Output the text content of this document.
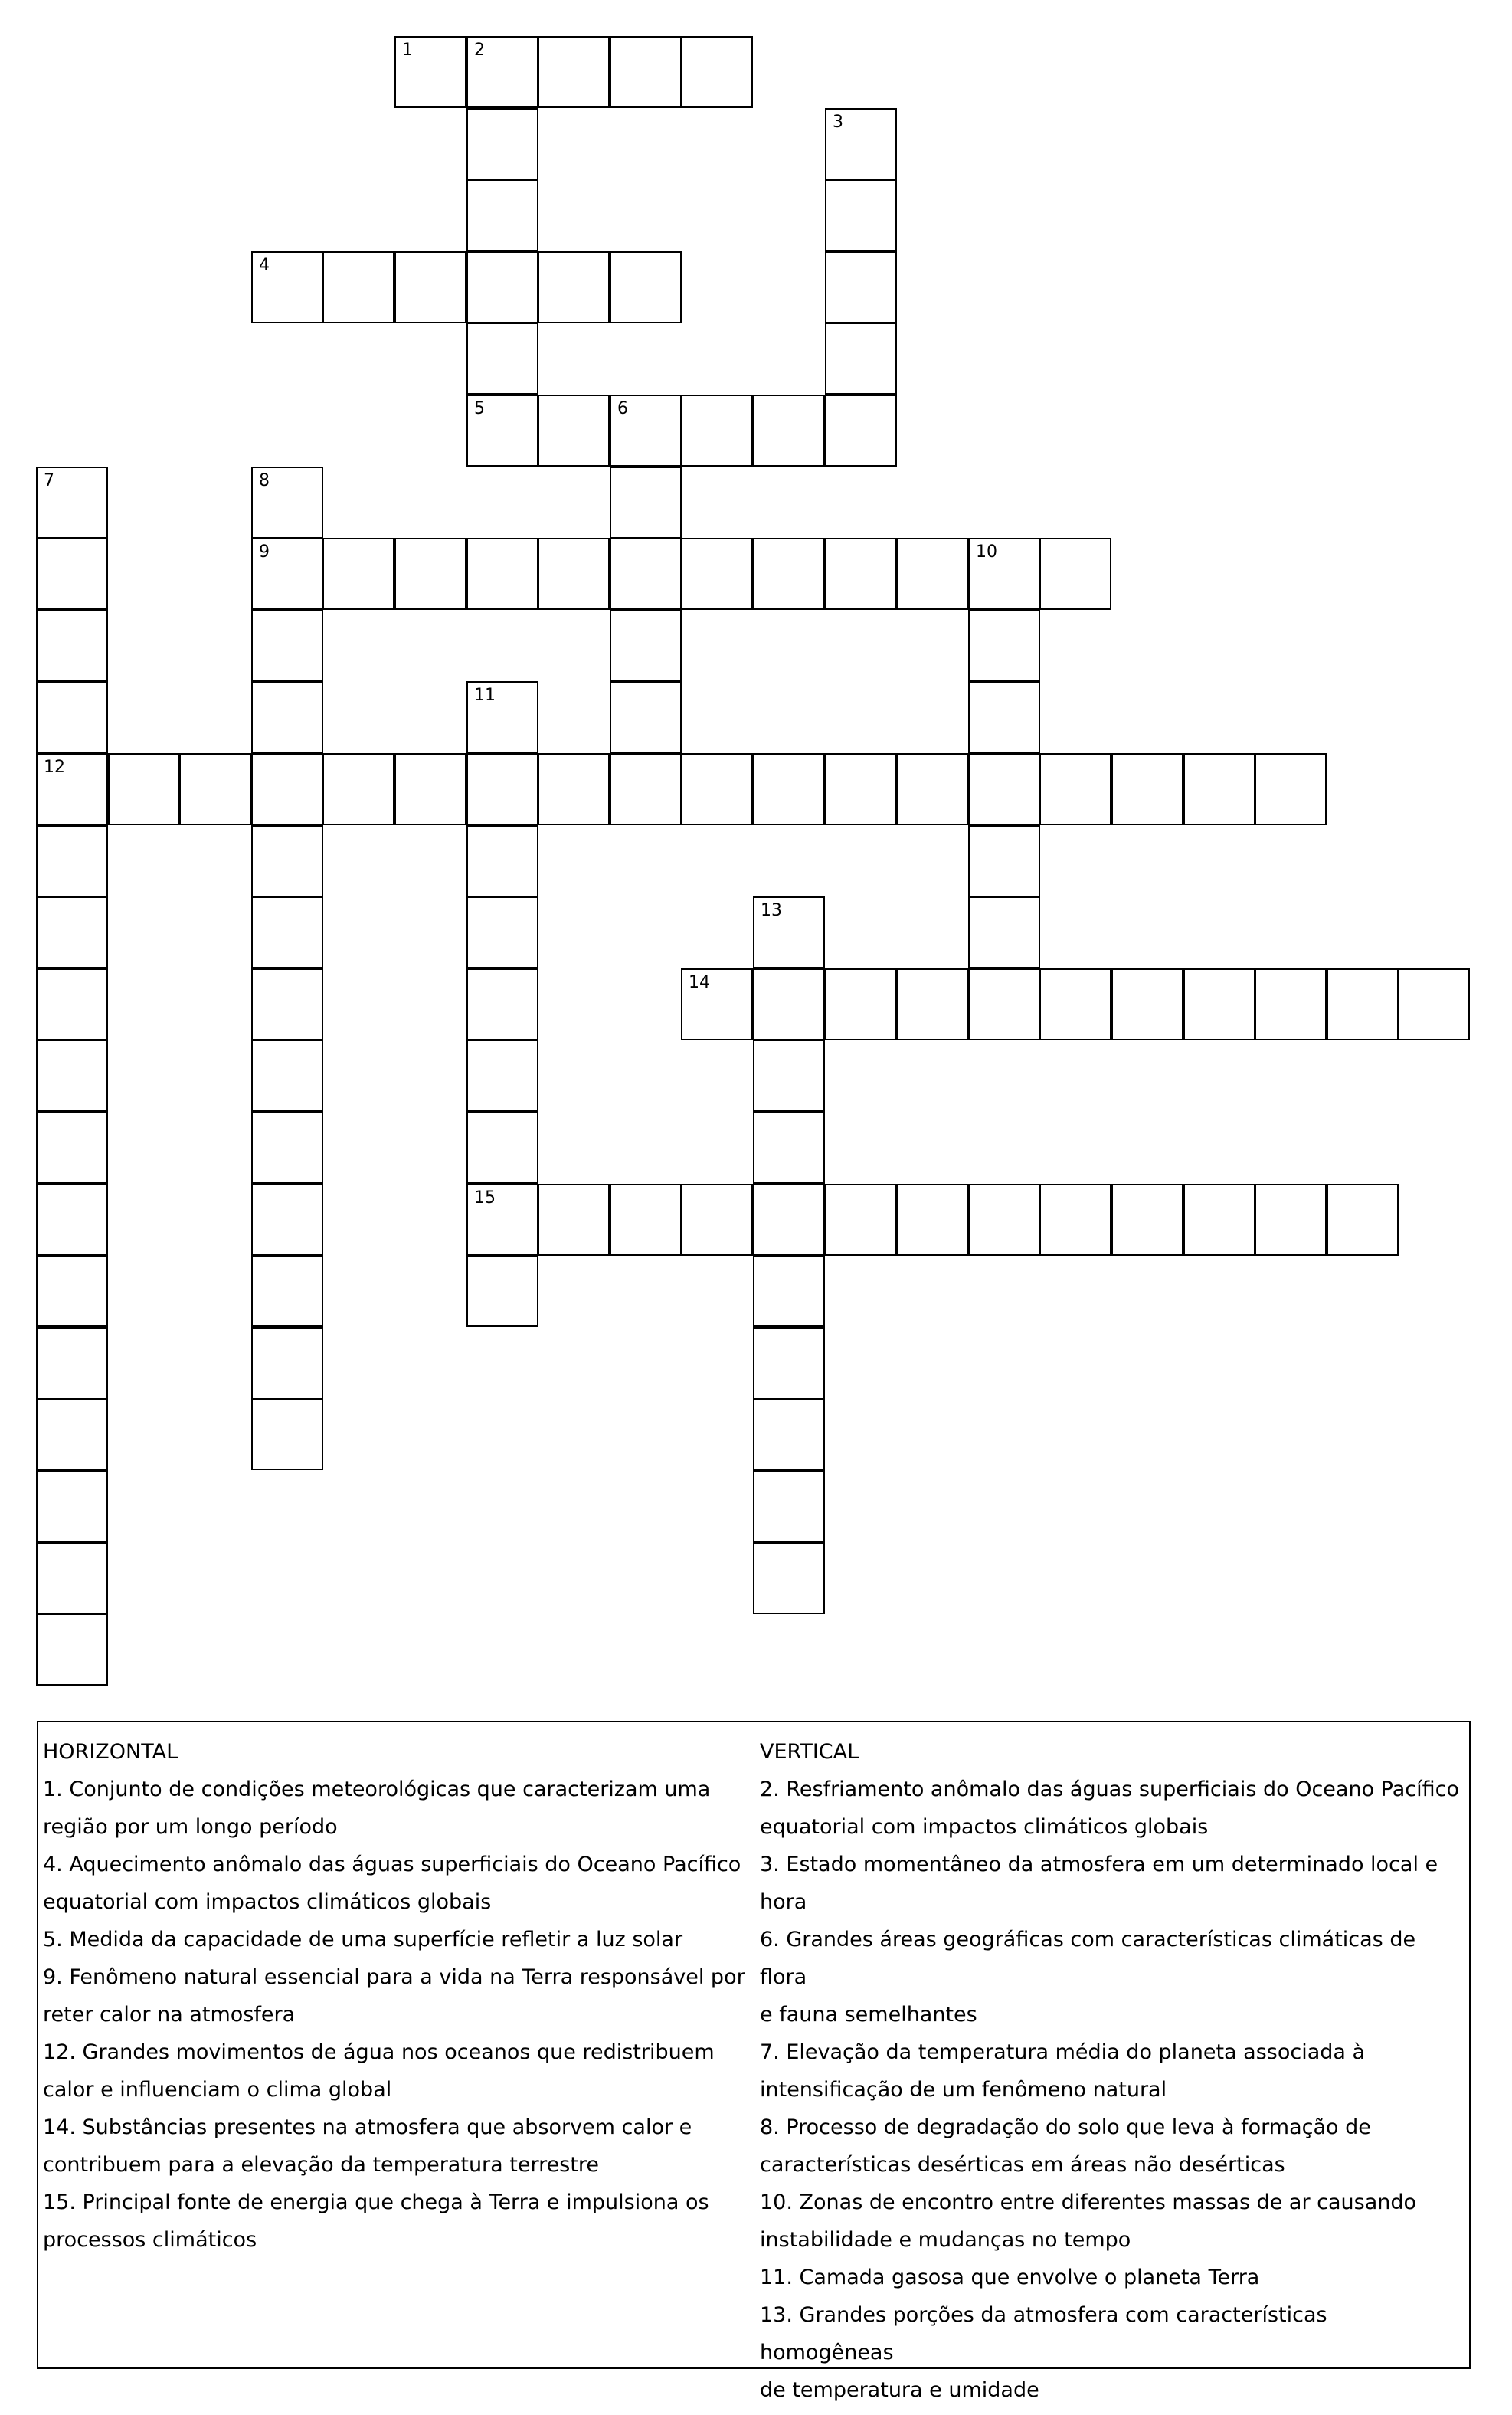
1	2
5
3
4
6
7
12
8
9	10
11
15
13
14
HORIZONTAL
1. Conjunto de condições meteorológicas que caracterizam uma
região por um longo período
4. Aquecimento anômalo das águas superficiais do Oceano Pacífico
equatorial com impactos climáticos globais
5. Medida da capacidade de uma superfície refletir a luz solar
9. Fenômeno natural essencial para a vida na Terra responsável por
reter calor na atmosfera
12. Grandes movimentos de água nos oceanos que redistribuem
calor e influenciam o clima global
14. Substâncias presentes na atmosfera que absorvem calor e
contribuem para a elevação da temperatura terrestre
15. Principal fonte de energia que chega à Terra e impulsiona os
processos climáticos
VERTICAL
2. Resfriamento anômalo das águas superficiais do Oceano Pacífico
equatorial com impactos climáticos globais
3. Estado momentâneo da atmosfera em um determinado local e
hora
6. Grandes áreas geográficas com características climáticas de flora
e fauna semelhantes
7. Elevação da temperatura média do planeta associada à
intensificação de um fenômeno natural
8. Processo de degradação do solo que leva à formação de
características desérticas em áreas não desérticas
10. Zonas de encontro entre diferentes massas de ar causando
instabilidade e mudanças no tempo
11. Camada gasosa que envolve o planeta Terra
13. Grandes porções da atmosfera com características homogêneas
de temperatura e umidade
